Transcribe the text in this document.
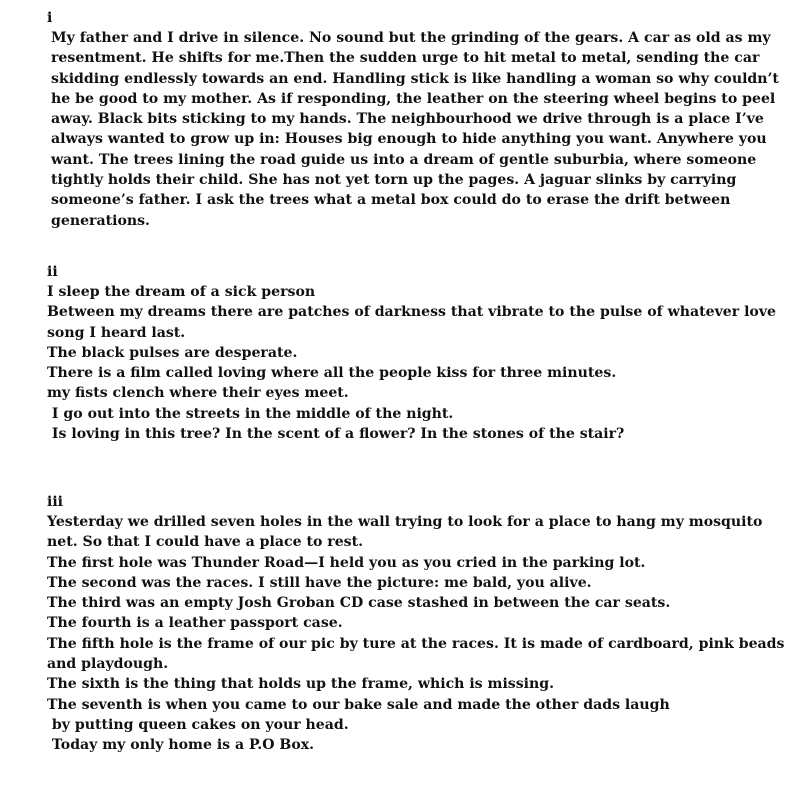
i

My father and I drive in silence. No sound but the grinding of the gears. A car as old as my resentment. He shifts for me.Then the sudden urge to hit metal to metal, sending the car skidding endlessly towards an end. Handling stick is like handling a woman so why couldn’t he be good to my mother. As if responding, the leather on the steering wheel begins to peel away. Black bits sticking to my hands. The neighbourhood we drive through is a place I’ve always wanted to grow up in: Houses big enough to hide anything you want. Anywhere you want. The trees lining the road guide us into a dream of gentle suburbia, where someone tightly holds their child. She has not yet torn up the pages. A jaguar slinks by carrying someone’s father. I ask the trees what a metal box could do to erase the drift between generations.

ii

I sleep the dream of a sick person

Between my dreams there are patches of darkness that vibrate to the pulse of whatever love song I heard last.

The black pulses are desperate.

There is a film called loving where all the people kiss for three minutes.

my fists clench where their eyes meet.

I go out into the streets in the middle of the night.

Is loving in this tree? In the scent of a flower? In the stones of the stair?

iii

Yesterday we drilled seven holes in the wall trying to look for a place to hang my mosquito net. So that I could have a place to rest.

The first hole was Thunder Road—I held you as you cried in the parking lot.

The second was the races. I still have the picture: me bald, you alive.

The third was an empty Josh Groban CD case stashed in between the car seats.

The fourth is a leather passport case.

The fifth hole is the frame of our pic by ture at the races. It is made of cardboard, pink beads and playdough.

The sixth is the thing that holds up the frame, which is missing.

The seventh is when you came to our bake sale and made the other dads laugh

by putting queen cakes on your head.

Today my only home is a P.O Box.
